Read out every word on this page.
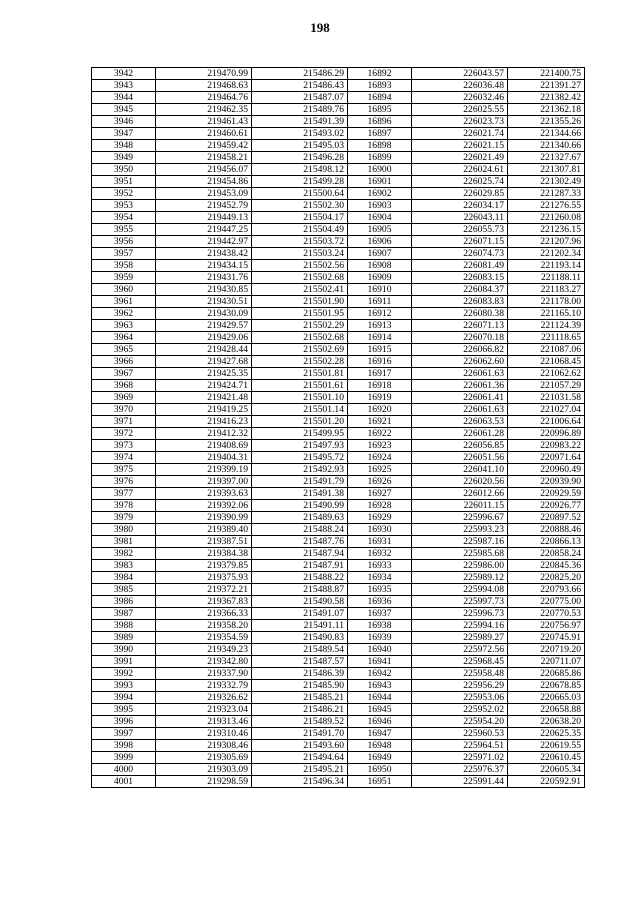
198
3942	219470.99	215486.29	16892	226043.57	221400.75
3943	219468.63	215486.43	16893	226036.48	221391.27
3944	219464.76	215487.07	16894	226032.46	221382.42
3945	219462.35	215489.76	16895	226025.55	221362.18
3946	219461.43	215491.39	16896	226023.73	221355.26
3947	219460.61	215493.02	16897	226021.74	221344.66
3948	219459.42	215495.03	16898	226021.15	221340.66
3949	219458.21	215496.28	16899	226021.49	221327.67
3950	219456.07	215498.12	16900	226024.61	221307.81
3951	219454.86	215499.28	16901	226025.74	221302.49
3952	219453.09	215500.64	16902	226029.85	221287.33
3953	219452.79	215502.30	16903	226034.17	221276.55
3954	219449.13	215504.17	16904	226043.11	221260.08
3955	219447.25	215504.49	16905	226055.73	221236.15
3956	219442.97	215503.72	16906	226071.15	221207.96
3957	219438.42	215503.24	16907	226074.73	221202.34
3958	219434.15	215502.56	16908	226081.49	221193.14
3959	219431.76	215502.68	16909	226083.15	221188.11
3960	219430.85	215502.41	16910	226084.37	221183.27
3961	219430.51	215501.90	16911	226083.83	221178.00
3962	219430.09	215501.95	16912	226080.38	221165.10
3963	219429.57	215502.29	16913	226071.13	221124.39
3964	219429.06	215502.68	16914	226070.18	221118.65
3965	219428.44	215502.69	16915	226066.82	221087.06
3966	219427.68	215502.28	16916	226062.60	221068.45
3967	219425.35	215501.81	16917	226061.63	221062.62
3968	219424.71	215501.61	16918	226061.36	221057.29
3969	219421.48	215501.10	16919	226061.41	221031.58
3970	219419.25	215501.14	16920	226061.63	221027.04
3971	219416.23	215501.20	16921	226063.53	221006.64
3972	219412.32	215499.95	16922	226061.28	220996.89
3973	219408.69	215497.93	16923	226056.85	220983.22
3974	219404.31	215495.72	16924	226051.56	220971.64
3975	219399.19	215492.93	16925	226041.10	220960.49
3976	219397.00	215491.79	16926	226020.56	220939.90
3977	219393.63	215491.38	16927	226012.66	220929.59
3978	219392.06	215490.99	16928	226011.15	220926.77
3979	219390.99	215489.63	16929	225996.67	220897.52
3980	219389.40	215488.24	16930	225993.23	220888.46
3981	219387.51	215487.76	16931	225987.16	220866.13
3982	219384.38	215487.94	16932	225985.68	220858.24
3983	219379.85	215487.91	16933	225986.00	220845.36
3984	219375.93	215488.22	16934	225989.12	220825.20
3985	219372.21	215488.87	16935	225994.08	220793.66
3986	219367.83	215490.58	16936	225997.73	220775.00
3987	219366.33	215491.07	16937	225996.73	220770.53
3988	219358.20	215491.11	16938	225994.16	220756.97
3989	219354.59	215490.83	16939	225989.27	220745.91
3990	219349.23	215489.54	16940	225972.56	220719.20
3991	219342.80	215487.57	16941	225968.45	220711.07
3992	219337.90	215486.39	16942	225958.48	220685.86
3993	219332.79	215485.90	16943	225956.29	220678.85
3994	219326.62	215485.21	16944	225953.06	220665.03
3995	219323.04	215486.21	16945	225952.02	220658.88
3996	219313.46	215489.52	16946	225954.20	220638.20
3997	219310.46	215491.70	16947	225960.53	220625.35
3998	219308.46	215493.60	16948	225964.51	220619.55
3999	219305.69	215494.64	16949	225971.02	220610.45
4000	219303.09	215495.21	16950	225976.37	220605.34
4001	219298.59	215496.34	16951	225991.44	220592.91
